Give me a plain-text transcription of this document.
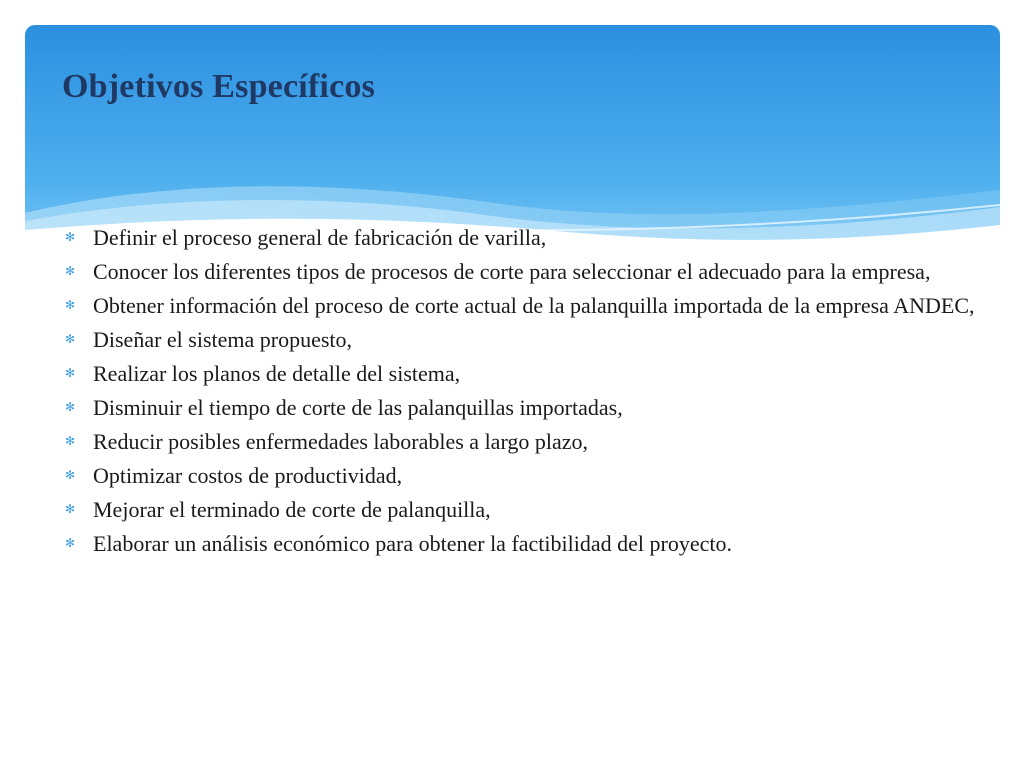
Objetivos Específicos
✻ Definir el proceso general de fabricación de varilla,
✻ Conocer los diferentes tipos de procesos de corte para seleccionar el adecuado para la empresa,
✻ Obtener información del proceso de corte actual de la palanquilla importada de la empresa ANDEC,
✻ Diseñar el sistema propuesto,
✻ Realizar los planos de detalle del sistema,
✻ Disminuir el tiempo de corte de las palanquillas importadas,
✻ Reducir posibles enfermedades laborables a largo plazo,
✻ Optimizar costos de productividad,
✻ Mejorar el terminado de corte de palanquilla,
✻ Elaborar un análisis económico para obtener la factibilidad del proyecto.
